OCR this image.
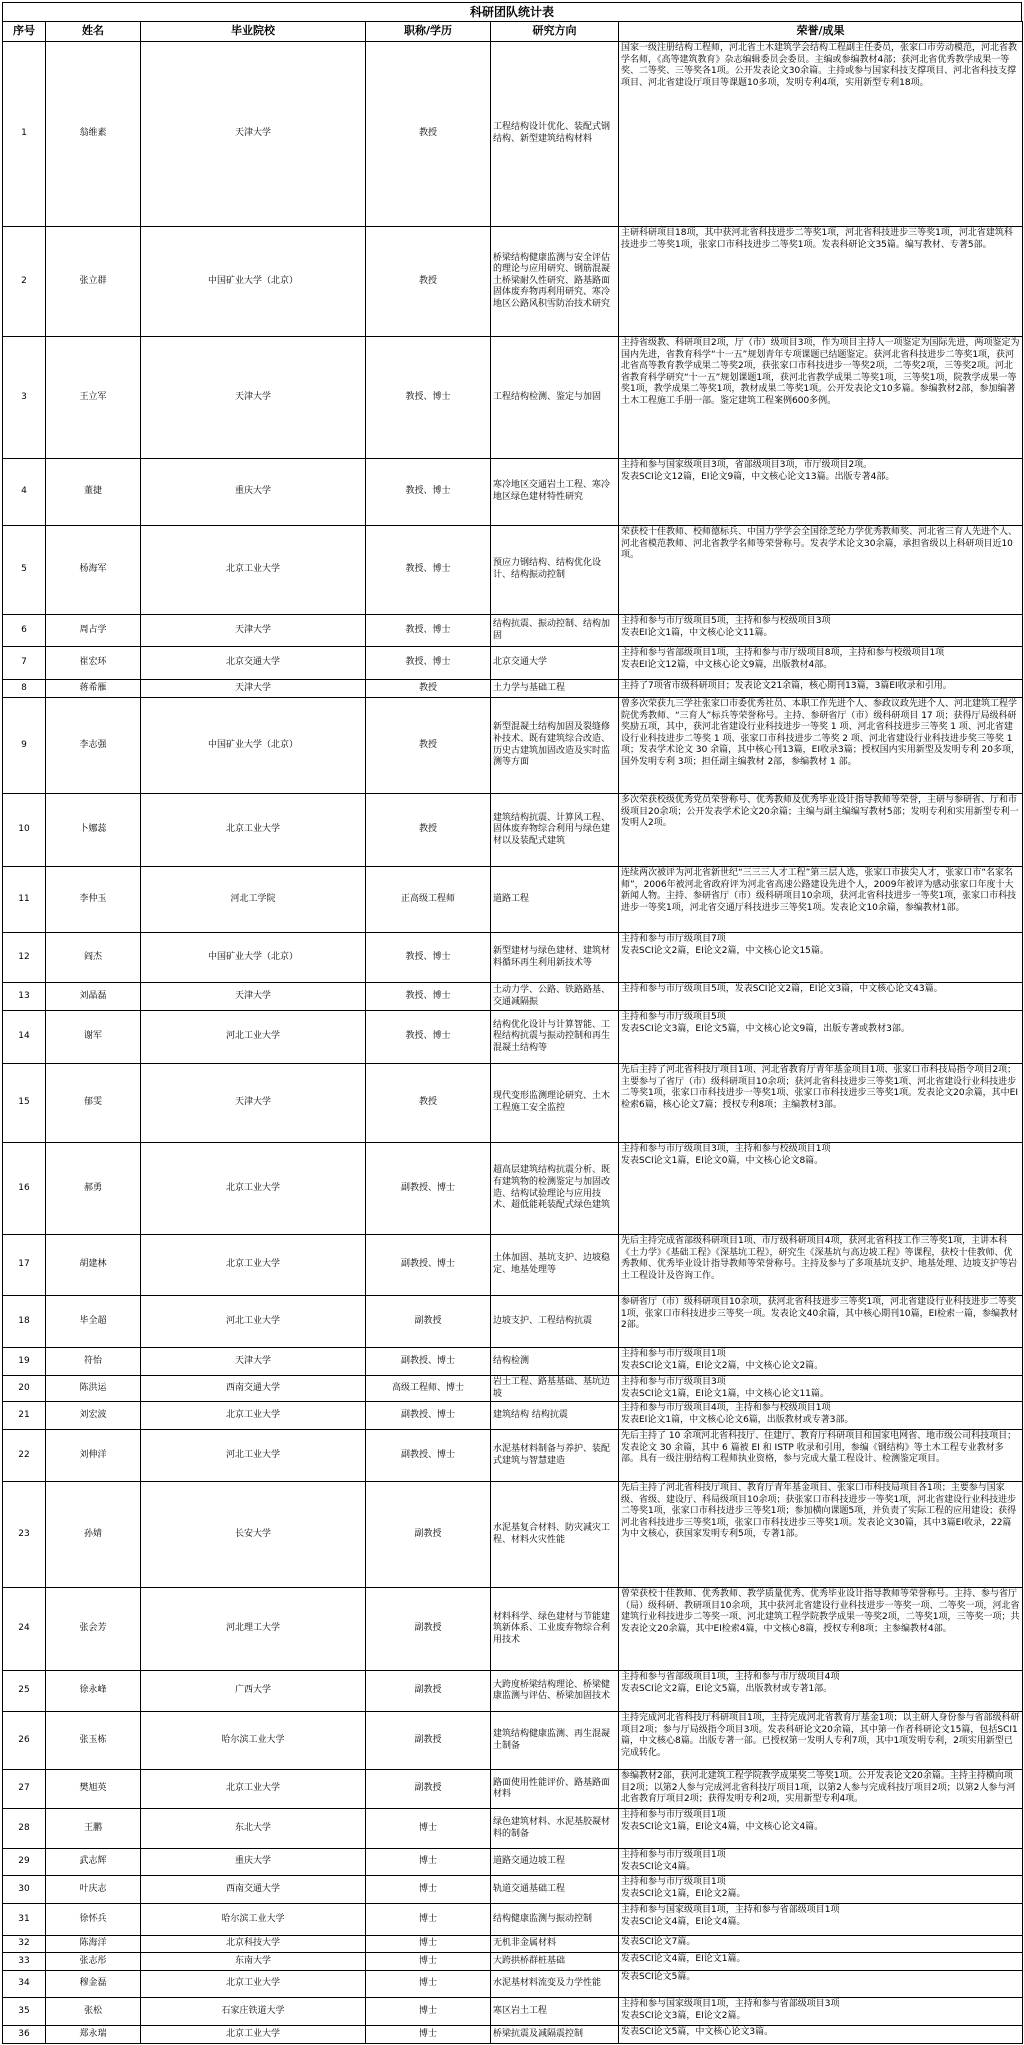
科研团队统计表
序号	姓名	毕业院校	职称/学历	研究方向	荣誉/成果
1	翁维素	天津大学	教授	工程结构设计优化、装配式钢结构、新型建筑结构材料	国家一级注册结构工程师，河北省土木建筑学会结构工程副主任委员，张家口市劳动模范，河北省教学名师，《高等建筑教育》杂志编辑委员会委员。主编或参编教材4部；获河北省优秀教学成果一等奖、二等奖、三等奖各1项。公开发表论文30余篇。主持或参与国家科技支撑项目、河北省科技支撑项目、河北省建设厅项目等课题10多项，发明专利4项，实用新型专利18项。
2	张立群	中国矿业大学（北京）	教授	桥梁结构健康监测与安全评估的理论与应用研究、钢筋混凝土桥梁耐久性研究、路基路面固体废弃物再利用研究、寒冷地区公路风积雪防治技术研究	主研科研项目18项，其中获河北省科技进步二等奖1项，河北省科技进步三等奖1项，河北省建筑科技进步二等奖1项，张家口市科技进步二等奖1项。发表科研论文35篇。编写教材、专著5部。
3	王立军	天津大学	教授、博士	工程结构检测、鉴定与加固	主持省级教、科研项目2项，厅（市）级项目3项，作为项目主持人一项鉴定为国际先进，两项鉴定为国内先进，省教育科学“十一五”规划青年专项课题已结题鉴定。获河北省科技进步二等奖1项，获河北省高等教育教学成果二等奖2项，获张家口市科技进步一等奖2项，二等奖2项，三等奖2项。河北省教育科学研究“十一五”规划课题1项，获河北省教学成果二等奖1项，三等奖1项，院教学成果一等奖1项，教学成果二等奖1项，教材成果二等奖1项。公开发表论文10多篇。参编教材2部，参加编著土木工程施工手册一部。鉴定建筑工程案例600多例。
4	董捷	重庆大学	教授、博士	寒冷地区交通岩土工程、寒冷地区绿色建材特性研究	主持和参与国家级项目3项，省部级项目3项，市厅级项目2项。
发表SCI论文12篇，EI论文9篇，中文核心论文13篇。出版专著4部。
5	杨海军	北京工业大学	教授、博士	预应力钢结构、结构优化设计、结构振动控制	荣获校十佳教师、校师德标兵、中国力学学会全国徐芝纶力学优秀教师奖、河北省三育人先进个人、河北省模范教师、河北省教学名师等荣誉称号。发表学术论文30余篇，承担省级以上科研项目近10项。
6	周占学	天津大学	教授、博士	结构抗震、振动控制、结构加固	主持和参与市厅级项目5项，主持和参与校级项目3项
发表EI论文1篇，中文核心论文11篇。
7	崔宏环	北京交通大学	教授、博士	北京交通大学	主持和参与省部级项目1项，主持和参与市厅级项目8项，主持和参与校级项目1项
发表EI论文12篇，中文核心论文9篇，出版教材4部。
8	蒋希雁	天津大学	教授	土力学与基础工程	主持了7项省市级科研项目；发表论文21余篇，核心期刊13篇，3篇EI收录和引用。
9	李志强	中国矿业大学（北京）	教授	新型混凝土结构加固及裂缝修补技术、既有建筑综合改造、历史古建筑加固改造及实时监测等方面	曾多次荣获九三学社张家口市委优秀社员、本职工作先进个人、参政议政先进个人、河北建筑工程学院优秀教师、“三育人”标兵等荣誉称号。主持、参研省厅（市）级科研项目 17 项；获得厅局级科研奖励五项，其中，获河北省建设行业科技进步一等奖 1 项、河北省科技进步三等奖 1 项、河北省建设行业科技进步二等奖 1 项、张家口市科技进步二等奖 2 项、河北省建设行业科技进步奖三等奖 1 项；发表学术论文 30 余篇，其中核心刊13篇，EI收录3篇；授权国内实用新型及发明专利 20多项，国外发明专利 3项；担任副主编教材 2部，参编教材 1 部。
10	卜娜蕊	北京工业大学	教授	建筑结构抗震、计算风工程、固体废弃物综合利用与绿色建材以及装配式建筑	多次荣获校级优秀党员荣誉称号、优秀教师及优秀毕业设计指导教师等荣誉，主研与参研省、厅和市级项目20余项；公开发表学术论文20余篇；主编与副主编编写教材5部；发明专利和实用新型专利一发明人2项。
11	李仲玉	河北工学院	正高级工程师	道路工程	连续两次被评为河北省新世纪“三三三人才工程”第三层人选，张家口市拔尖人才，张家口市“名家名师”，2006年被河北省政府评为河北省高速公路建设先进个人，2009年被评为感动张家口年度十大新闻人物。主持、参研省厅（市）级科研项目10余项，获河北省科技进步一等奖1项，张家口市科技进步一等奖1项，河北省交通厅科技进步三等奖1项。发表论文10余篇，参编教材1部。
12	阎杰	中国矿业大学（北京）	教授、博士	新型建材与绿色建材、建筑材料循环再生利用新技术等	主持和参与市厅级项目7项
发表SCI论文2篇，EI论文2篇，中文核心论文15篇。
13	刘晶磊	天津大学	教授、博士	土动力学、公路、铁路路基、交通减隔振	主持和参与市厅级项目5项，发表SCI论文2篇，EI论文3篇，中文核心论文43篇。
14	谢军	河北工业大学	教授、博士	结构优化设计与计算智能、工程结构抗震与振动控制和再生混凝土结构等	主持和参与市厅级项目5项
发表SCI论文3篇，EI论文5篇，中文核心论文9篇，出版专著或教材3部。
15	郁雯	天津大学	教授	现代变形监测理论研究、土木工程施工安全监控	先后主持了河北省科技厅项目1项、河北省教育厅青年基金项目1项、张家口市科技局指令项目2项；主要参与了省厅（市）级科研项目10余项；获河北省科技进步三等奖1项、河北省建设行业科技进步二等奖1项，张家口市科技进步一等奖1项、张家口市科技进步三等奖1项。发表论文20余篇，其中EI检索6篇，核心论文7篇；授权专利8项；主编教材3部。
16	郝勇	北京工业大学	副教授、博士	超高层建筑结构抗震分析、既有建筑物的检测鉴定与加固改造、结构试验理论与应用技术、超低能耗装配式绿色建筑	主持和参与市厅级项目3项，主持和参与校级项目1项
发表SCI论文1篇，EI论文0篇，中文核心论文8篇。
17	胡建林	北京工业大学	副教授、博士	土体加固、基坑支护、边坡稳定、地基处理等	先后主持完成省部级科研项目1项、市厅级科研项目4项，获河北省科技工作三等奖1项，主讲本科《土力学》《基础工程》《深基坑工程》，研究生《深基坑与高边坡工程》等课程，获校十佳教师、优秀教师、优秀毕业设计指导教师等荣誉称号。主持及参与了多项基坑支护、地基处理、边坡支护等岩土工程设计及咨询工作。
18	毕全超	河北工业大学	副教授	边坡支护、工程结构抗震	参研省厅（市）级科研项目10余项，获河北省科技进步三等奖1项，河北省建设行业科技进步二等奖1项，张家口市科技进步三等奖一项。发表论文40余篇，其中核心期刊10篇，EI检索一篇，参编教材2部。
19	符怡	天津大学	副教授、博士	结构检测	主持和参与市厅级项目1项
发表SCI论文1篇，EI论文2篇，中文核心论文2篇。
20	陈洪运	西南交通大学	高级工程师、博士	岩土工程、路基基础、基坑边坡	主持和参与市厅级项目3项
发表SCI论文1篇，EI论文1篇，中文核心论文11篇。
21	刘宏波	北京工业大学	副教授、博士	建筑结构 结构抗震	主持和参与市厅级项目4项，主持和参与校级项目1项
发表EI论文1篇，中文核心论文6篇，出版教材或专著3部。
22	刘伸洋	河北工业大学	副教授、博士	水泥基材料制备与养护、装配式建筑与智慧建造	先后主持了 10 余项河北省科技厅、住建厅、教育厅科研项目和国家电网省、地市级公司科技项目；发表论文 30 余篇，其中 6 篇被 EI 和 ISTP 收录和引用，参编《钢结构》等土木工程专业教材多部。具有一级注册结构工程师执业资格，参与完成大量工程设计、检测鉴定项目。
23	孙婧	长安大学	副教授	水泥基复合材料、防灾减灾工程、材料火灾性能	先后主持了河北省科技厅项目、教育厅青年基金项目、张家口市科技局项目各1项；主要参与国家级、省级、建设厅、科局级项目10余项；获张家口市科技进步一等奖1项，河北省建设行业科技进步二等奖1项，张家口市科技进步三等奖1项；参加横向课题5项，并负责了实际工程的应用建设；获得河北省科技进步三等奖1项，张家口市科技进步三等奖1项。发表论文30篇，其中3篇EI收录，22篇为中文核心，获国家发明专利5项，专著1部。
24	张会芳	河北理工大学	副教授	材料科学、绿色建材与节能建筑新体系、工业废弃物综合利用技术	曾荣获校十佳教师、优秀教师、教学质量优秀、优秀毕业设计指导教师等荣誉称号。主持、参与省厅（局）级科研、教研项目10余项，其中获河北省建设行业科技进步一等奖一项、二等奖一项，河北省建筑行业科技进步二等奖一项、河北建筑工程学院教学成果一等奖2项，二等奖1项，三等奖一项；共发表论文20余篇，其中EI检索4篇，中文核心8篇，授权专利8项；主参编教材4部。
25	徐永峰	广西大学	副教授	大跨度桥梁结构理论、桥梁健康监测与评估、桥梁加固技术	主持和参与省部级项目1项，主持和参与市厅级项目4项
发表SCI论文2篇，EI论文5篇，出版教材或专著1部。
26	张玉栋	哈尔滨工业大学	副教授	建筑结构健康监测、再生混凝土制备	主持完成河北省科技厅科研项目1项，主持完成河北省教育厅基金1项；以主研人身份参与省部级科研项目2项；参与厅局级指令项目3项。发表科研论文20余篇，其中第一作者科研论文15篇，包括SCI1篇，中文核心8篇。出版专著一部。已授权第一发明人专利7项，其中1项发明专利，2项实用新型已完成转化。
27	樊旭英	北京工业大学	副教授	路面使用性能评价、路基路面材料	参编教材2部，获河北建筑工程学院教学成果奖二等奖1项。公开发表论文20余篇。主持主持横向项目2项；以第2人参与完成河北省科技厅项目1项，以第2人参与完成科技厅项目2项；以第2人参与河北省教育厅项目2项；获得发明专利2项，实用新型专利4项。
28	王鹏	东北大学	博士	绿色建筑材料、水泥基胶凝材料的制备	主持和参与市厅级项目1项
发表SCI论文1篇，EI论文4篇，中文核心论文4篇。
29	武志辉	重庆大学	博士	道路交通边坡工程	主持和参与市厅级项目1项
发表SCI论文4篇。
30	叶庆志	西南交通大学	博士	轨道交通基础工程	主持和参与市厅级项目1项
发表SCI论文1篇，EI论文2篇。
31	徐怀兵	哈尔滨工业大学	博士	结构健康监测与振动控制	主持和参与国家级项目1项，主持和参与省部级项目1项
发表SCI论文4篇，EI论文4篇。
32	陈海洋	北京科技大学	博士	无机非金属材料	发表SCI论文7篇。
33	张志彤	东南大学	博士	大跨拱桥群桩基础	发表SCI论文4篇，EI论文1篇。
34	穆金磊	北京工业大学	博士	水泥基材料流变及力学性能	发表SCI论文5篇。
35	张松	石家庄铁道大学	博士	寒区岩土工程	主持和参与国家级项目1项，主持和参与省部级项目3项
发表SCI论文3篇，EI论文2篇。
36	郑永瑞	北京工业大学	博士	桥梁抗震及减隔震控制	发表SCI论文5篇，中文核心论文3篇。
